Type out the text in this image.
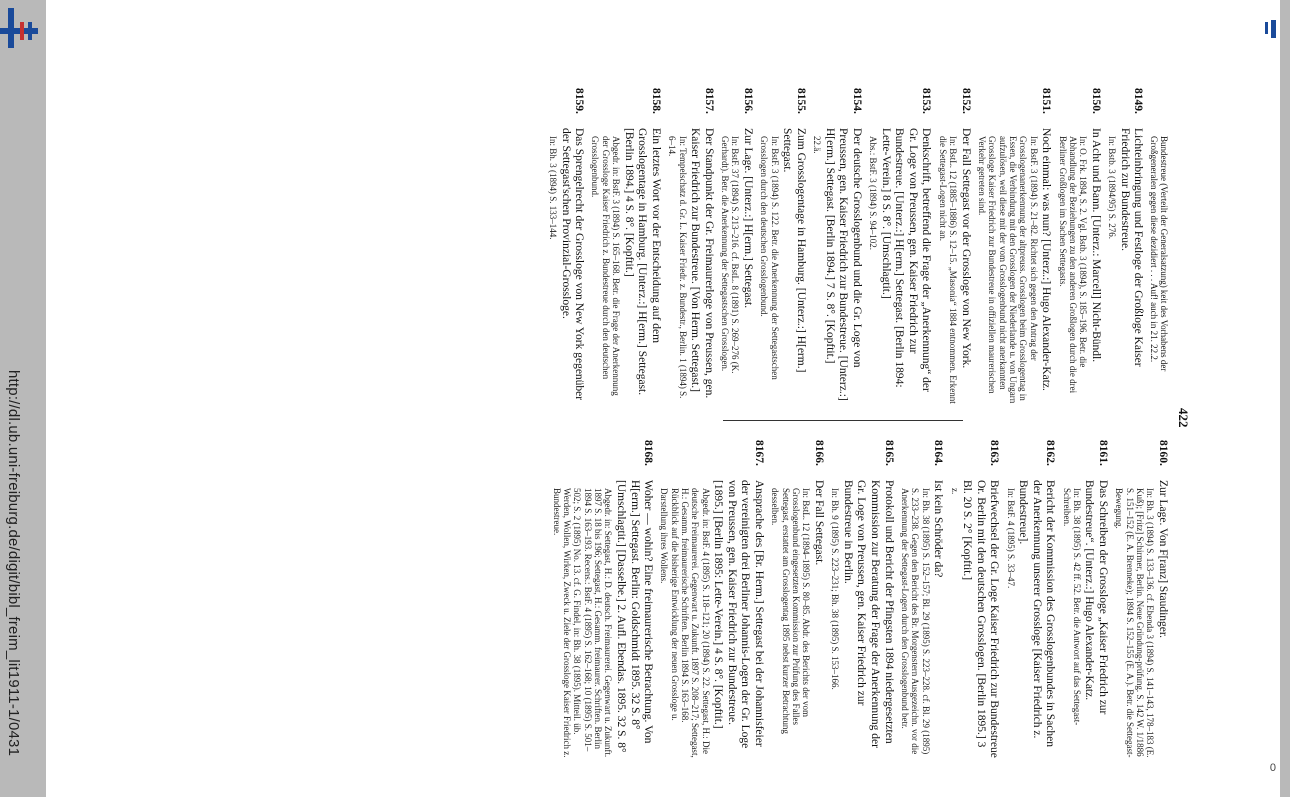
http://dl.ub.uni-freiburg.de/digit/bibl_freim_lit1911-1/0431
0
422
Bundestreue (Verteilt der Generalsatzung) keit des Vorhabens der Großgeneralen gegen diese dezidiert . . . Auf! auch in 21. 22.2.
8149.
Lichteinbringung und Festloge der Großloge Kaiser Friedrich zur Bundestreue.
In: Bstb. 3 (1894/95) S. 276.
8150.
In Acht und Bann. [Unterz.: Marcell] Nicht-Bündl.
In: O. Frk. 1894, S. 2. Vgl. Bstb. 3 (1894), S. 185–196. Betr. die Abhandlung der Beziehungen zu den anderen Großlogen durch die drei Berliner Großlogen im Sachen Settegasts.
8151.
Noch einmal: was nun? [Unterz.:] Hugo Alexander-Katz.
In: BstF. 3 (1894) S. 21–82. Richtet sich gegen den Antrag der Grosslogenanerkennung der altpreuss. Grosslogen beim Grosslogentag in Essen, die Verbindung mit den Grosslogen der Niederlande u. von Ungarn aufzulösen, weil diese mit der vom Grosslogenbund nicht anerkannten Grossloge Kaiser Friedrich zur Bundestreue in offiziellen maurerischen Verkehr getreten sind.
8152.
Der Fall Settegast vor der Grossloge von New York.
In: BstL. 12 (1885–1886) S. 12–15. „Masonia“ 1884 entnommen. Erkennt die Settegast-Logen nicht an.
8153.
Denkschrift, betreffend die Frage der „Anerkennung“ der Gr. Loge von Preussen, gen. Kaiser Friedrich zur Bundestreue. [Unterz.:] H[erm.] Settegast. [Berlin 1894: Lette-Verein.] 8 S. 8°. [Umschlagtit.]
Abs.: BstF. 3 (1894) S. 94–102.
8154.
Der deutsche Grosslogenbund und die Gr. Loge von Preussen, gen. Kaiser Friedrich zur Bundestreue. [Unterz.:] H[erm.] Settegast. [Berlin 1894.] 7 S. 8°. [Kopftit.]
22.ä.
8155.
Zum Grosslogentage in Hamburg. [Unterz.:] H[erm.] Settegast.
In: BstF. 3 (1894) S. 122. Betr. die Anerkennung der Settegastschen Grosslogen durch den deutschen Grosslogenbund.
8156.
Zur Lage. [Unterz.:] H[erm.] Settegast.
In: BstF. 37 (1894) S. 213–216. cf. BstL. 8 (1891) S. 269–276 (K. Gerhardt). Betr. die Anerkennung der Settegastschen Grosslogen.
8157.
Der Standpunkt der Gr. Freimaurerloge von Preussen, gen. Kaiser Friedrich zur Bundestreue. [Von Herm. Settegast.]
In: Tempelschatz d. Gr. L. Kaiser Friedr. z. Bundestr., Berlin. 1 (1894) S. 6–14.
8158.
Ein letztes Wort vor der Entscheidung auf dem Grosslogentage in Hamburg. [Unterz.:] H[erm.] Settegast. [Berlin 1894.] 4 S. 8°. [Kopftit.]
Abgedr. in: BstF. 3 (1894) S. 165–168. Betr. die Frage der Anerkennung der Grossloge Kaiser Friedrich z. Bundestreue durch den deutschen Grosslogenbund.
8159.
Das Sprengelrecht der Grossloge von New York gegenüber der Settegast'schen Provinzial-Grossloge.
In: Bh. 3 (1894) S. 133–144.
8160.
Zur Lage. Von F[ranz] Staudinger.
In: Bh. 3 (1894) S. 133–136. cf. Ebenda 3 (1894) S. 141–143, 178–183 (E. Kuß); [Fritz] Schirmer, Berlin. Neue Gründung-prüfung. S. 142 W. 1/1886 S. 151–152 (E. A. Brenneke); 1894 S. 152–155 (E. A.). Betr. die Settegast-Bewegung.
8161.
Das Schreiben der Grossloge „Kaiser Friedrich zur Bundestreue“. [Unterz.:] Hugo Alexander-Katz.
In: Bh. 38 (1895) S. 42 ff. 52. Betr. die Antwort auf das Settegast-Schreiben.
8162.
Bericht der Kommission des Grosslogenbundes in Sachen der Anerkennung unserer Grossloge [Kaiser Friedrich z. Bundestreue].
In: BstF. 4 (1895) S. 33–47.
8163.
Briefwechsel der Gr. Loge Kaiser Friedrich zur Bundestreue Or. Berlin mit den deutschen Grosslogen. [Berlin 1895.] 3 Bl. 20 S. 2° [Kopftit.]
z.
8164.
Ist kein Schröder da?
In: Bh. 38 (1895) S. 152–157; Bl. 29 (1895) S. 223–228. cf. Bl. 29 (1895) S. 233–238. Gegen den Bericht des Br. Morgenstern Ausgezeichn. vor die Anerkennung der Settegast-Logen durch den Grosslogenbund betr.
8165.
Protokoll und Bericht der Pfingsten 1894 niedergesetzten Kommission zur Beratung der Frage der Anerkennung der Gr. Loge von Preussen, gen. Kaiser Friedrich zur Bundestreue in Berlin.
In: Bh. 9 (1895) S. 223–231; Bh. 38 (1895) S. 153–166.
8166.
Der Fall Settegast.
In: BstL. 12 (1894–1895) S. 80–85. Abdr. des Berichts der vom Grosslogenbund eingesetzten Kommission zur Prüfung des Falles Settegast, erstattet am Grosslogentag 1895 nebst kurzer Betrachtung desselben.
8167.
Ansprache des [Br. Herm.] Settegast bei der Johannisfeier der vereinigten drei Berliner Johannis-Logen der Gr. Loge von Preussen, gen. Kaiser Friedrich zur Bundestreue. [1895.] [Berlin 1895: Lette-Verein.] 4 S. 8°. [Kopftit.]
Abgedr. in: BstF. 4 (1895) S. 118–121; 20 (1894) S. 22. Settegast, H.: Die deutsche Freimaurerei. Gegenwart u. Zukunft. 1897 S. 208–217; Settegast, H.: Gesamm. freimaurerische Schriften. Berlin 1894 S. 163–168. Rückblick auf die bisherige Entwicklung der neuen Grossloge u. Darstellung ihres Wollens.
8168.
Woher — wohin? Eine freimaurerische Betrachtung. Von H[erm.] Settegast. Berlin: Goldschmidt 1895. 32 S. 8° [Umschlagtit.] [Dasselbe.] 2. Aufl. Ebendas. 1895. 32 S. 8°
Abgedr. in: Settegast, H.: D. deutsch. Freimaurerei. Gegenwart u. Zukunft. 1897 S. 18 bis 196; Settegast, H.: Gesamm. freimaurer. Schriften. Berlin 1894 S. 163–193. Recens.: BstF. 4 (1895) S. 162–168; 10 (1895) S. 501–502; S. 2 (1895) No. 13. cf. G. Findel, in: Bh. 38 (1895). Mitteil. üb. Werden, Wollen, Wirken, Zweck u. Ziele der Grossloge Kaiser Friedrich z. Bundestreue.
